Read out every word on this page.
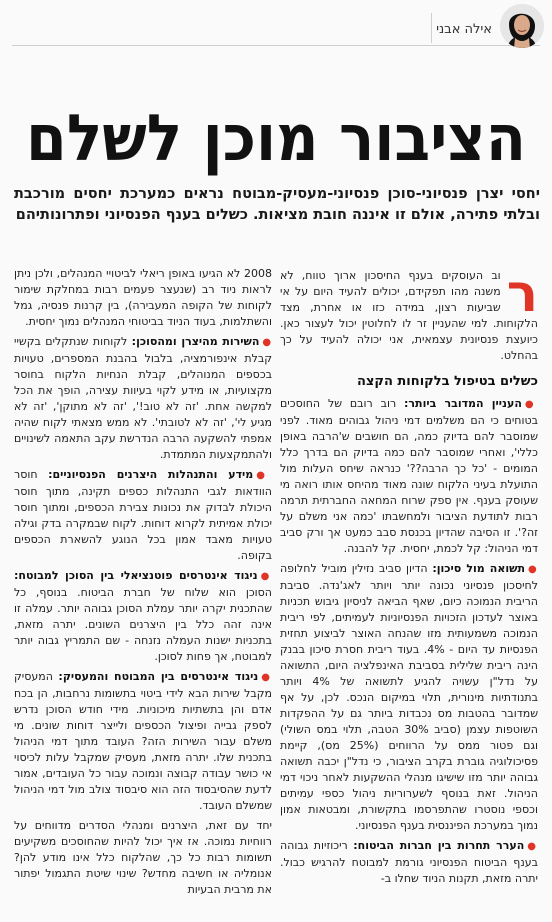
אילה אבני
הציבור מוכן לשלם
יחסי יצרן פנסיוני-סוכן פנסיוני-מעסיק-מבוטח נראים כמערכת יחסים מורכבת ובלתי פתירה, אולם זו איננה חובת מציאות. כשלים בענף הפנסיוני ופתרונותיהם

ר
וב העוסקים בענף החיסכון ארוך טווח, לא משנה מהו תפקידם, יכולים להעיד היום על אי שביעות רצון, במידה כזו או אחרת, מצד הלקוחות. למי שהעניין זר לו לחלוטין יכול לעצור כאן. כיועצת פנסיונית עצמאית, אני יכולה להעיד על כך בהחלט.

כשלים בטיפול בלקוחות הקצה

●העניין המדובר ביותר: רוב רובם של החוסכים בטוחים כי הם משלמים דמי ניהול גבוהים מאוד. לפני שמוסבר להם בדיוק כמה, הם חושבים ש'הרבה באופן כללי', ואחרי שמוסבר להם כמה בדיוק הם בדרך כלל המומים - 'כל כך הרבה??' כנראה שיחס העלות מול התועלת בעיני הלקוח שונה מאוד מהיחס אותו רואה מי שעוסק בענף. אין ספק שרוח המחאה החברתית תרמה רבות לתודעת הציבור ולמחשבתו 'כמה אני משלם על זה?'. זו הסיבה שהדיון בכנסת סבב כמעט אך ורק סביב דמי הניהול: קל לכמת, יחסית. קל להבנה.

●תשואה מול סיכון: הדיון סביב נזילין מוביל לחלופה לחיסכון פנסיוני נכונה יותר ויותר לאג'נדה. סביבת הריבית הנמוכה כיום, שאף הביאה לניסיון גיבוש תכניות באוצר לעדכון הזכויות הפנסיוניות לעמיתים, לפי ריבית הנמוכה משמעותית מזו שהנחה האוצר לביצוע תחזית הפנסיות עד היום - 4%. בעוד ריבית חסרת סיכון בבנק הינה ריבית שלילית בסביבת האינפלציה היום, התשואה על נדל"ן עשויה להגיע לתשואה של 4% ויותר בתנודתיות מינורית, תלוי במיקום הנכס. לכן, על אף שמדובר בהטבות מס נכבדות ביותר גם על ההפקדות השוטפות עצמן (סביב 30% הטבה, תלוי במס השולי) וגם פטור ממס על הרווחים (25% מס), קיימת פסיכולוגיה גוברת בקרב הציבור, כי נדל"ן יכבה תשואה גבוהה יותר מזו שישיגו מנהלי ההשקעות לאחר ניכוי דמי הניהול. זאת בנוסף לשערוריות ניהול כספי עמיתים וכספי נוסטרו שהתפרסמו בתקשורת, ומבטאות אמון נמוך במערכת הפיננסית בענף הפנסיוני.

●הערר תחרות בין חברות הביטוח: ריכוזיות גבוהה בענף הביטוח הפנסיוני גורמת למבוטח להרגיש כבול. יתרה מזאת, תקנות הניוד שחלו ב-

2008 לא הגיעו באופן ריאלי לביטויי המנהלים, ולכן ניתן לראות ניוד רב (שנעצר פעמים רבות במחלקת שימור לקוחות של הקופה המעבירה), בין קרנות פנסיה, גמל והשתלמות, בעוד הניוד בביטוחי המנהלים נמוך יחסית.

●השירות מהיצרן ומהסוכן: לקוחות שנתקלים בקשיי קבלת אינפורמציה, בלבול בהבנת המספרים, טעויות בכספים המנוהלים, קבלת הנחיות הלקוח בחוסר מקצועיות, או מידע לקוי בעיוות עצירה, הופך את הכל למקשה אחת. 'זה לא טוב!', 'זה לא מתוקן', 'זה לא מגיע לי', 'זה לא לטובתי'. לא ממש מצאתי לקוח שהיה אמפתי להשקעה הרבה הנדרשת עקב התאמה לשינויים ולהתמקצעות המתמדת.

●מידע והתנהלות היצרנים הפנסיוניים: חוסר הוודאות לגבי התנהלות כספים תקינה, מתוך חוסר היכולת לבדוק את נכונות צבירת הכספים, ומתוך חוסר יכולת אמיתית לקרוא דוחות. לקוח שבמקרה בדק וגילה טעויות מאבד אמון בכל הנוגע להשארת הכספים בקופה.

●ניגוד אינטרסים פוטנציאלי בין הסוכן למבוטח: הסוכן הוא שלוח של חברת הביטוח. בנוסף, כל שהתכנית יקרה יותר עמלת הסוכן גבוהה יותר. עמלה זו אינה זהה כלל בין היצרנים השונים. יתרה מזאת, בתכניות ישנות העמלה נזנחה - שם התמריץ גבוה יותר למבוטח, אך פחות לסוכן.

●ניגוד אינטרסים בין המבוטח והמעסיק: המעסיק מקבל שירות הבא לידי ביטוי בתשומות נרחבות, הן בכח אדם והן בתשתיות מיכוניות. מידי חודש הסוכן נדרש לספק גבייה ופיצול הכספים ולייצר דוחות שונים. מי משלם עבור השירות הזה? העובד מתוך דמי הניהול בתכנית שלו. יתרה מזאת, מעסיק שמקבל עלות לכיסוי אי כושר עבודה קבוצה ונמוכה עבור כל העובדים, אמור לדעת שהסיבסוד הזה הוא סיבסוד צולב מול דמי הניהול שמשלם העובד.

יחד עם זאת, היצרנים ומנהלי הסדרים מדווחים על רווחיות נמוכה. אז איך יכול להיות שהחוסכים משקיעים תשומות רבות כל כך, שהלקוח כלל אינו מודע להן? אנומליה או חשיבה מחדש? שינוי שיטת התגמול יפתור את מרבית הבעיות
